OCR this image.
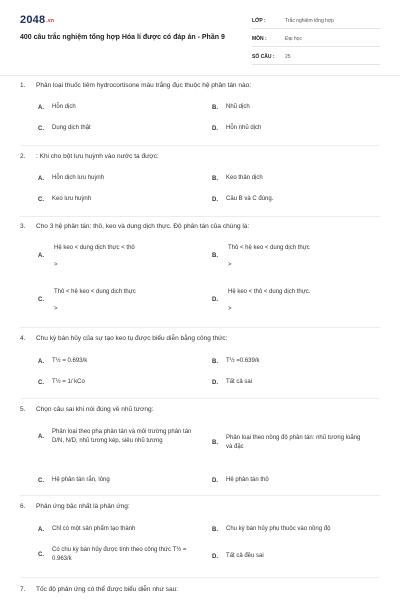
2048.vn
400 câu trắc nghiệm tổng hợp Hóa lí được có đáp án - Phần 9
LỚP :	Trắc nghiệm tổng hợp
MÔN :	Đại học
SỐ CÂU :	25
1. Phân loại thuốc tiêm hydrocortisone màu trắng đục thuộc hệ phân tán nào:
A.	Hỗn dịch	B.	Nhũ dịch
C.	Dung dịch thật	D.	Hỗn nhũ dịch
2. : Khi cho bột lưu huỳnh vào nước ta được:
A.	Hỗn dịch lưu huỳnh	B.	Keo thân dịch
C.	Keo lưu huỳnh	D.	Câu B và C đúng.
3. Cho 3 hệ phân tán: thô, keo và dung dịch thực. Độ phân tán của chúng là:
A.
Hệ keo < dung dịch thực < thô
>
B.
Thô < hệ keo < dung dịch thực
>
C.
Thô < hệ keo < dung dịch thực
>
D.
Hệ keo < thô < dung dịch thực.
>
4. Chu kỳ bán hủy của sự tạo keo tụ được biểu diễn bằng công thức:
A.	T½ = 0.693/k	B.	T½ =0.639/k
C.	T½ = 1/ kCo	D.	Tất cả sai
5. Chọn câu sai khi nói đúng về nhũ tương:
A.
Phân loại theo pha phân tán và môi trường phân tán D/N, N/D, nhũ tương kép, siêu nhũ tương	B.
Phân loại theo nồng độ phân tán: nhũ tương loãng và đặc
C.	Hệ phân tán rắn, lỏng	D.	Hệ phân tán thô
6. Phản ứng bậc nhất là phản ứng:
A.	Chỉ có một sản phẩm tạo thành	B.	Chu kỳ bán hủy phụ thuộc vào nồng độ
C.
Có chu kỳ bán hủy được tính theo công thức T½ = 0.963/k	D.	Tất cả đều sai
7. Tốc độ phản ứng có thể được biểu diễn như sau:
